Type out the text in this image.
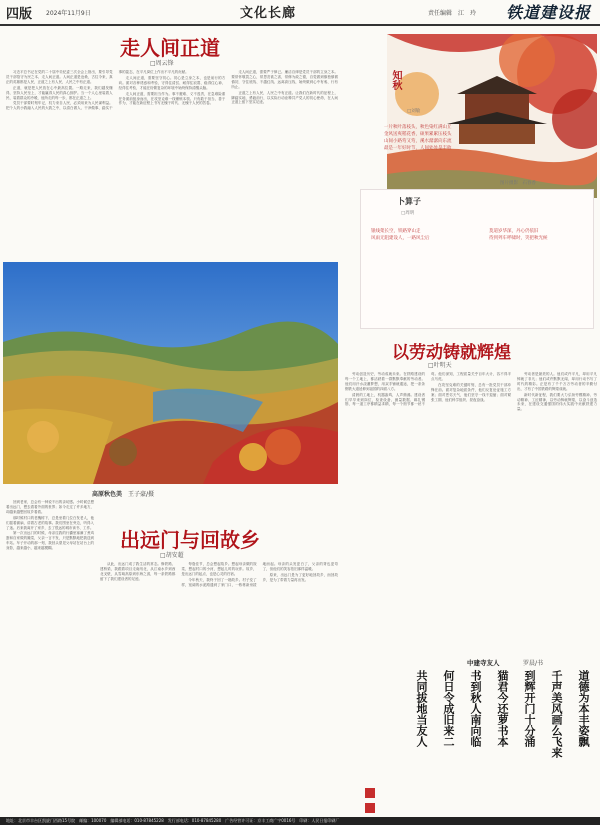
四版 2024年11月9日	文化长廊	责任编辑　江　玲 铁道建设报
走人间正道
□周云锋

习近平总书记在党的二十届中央纪委三次全会上指出，要引导党员干部恪守为民之本、走人间正道。人间正道是沧桑，古往今来，真正的英雄都是人民，正道之上有人民，人民之中有正道。

正道，就是把人民放在心中最高位置。一路走来，我们越发懂得，坚持人民至上，才能赢得人民的真心拥护。当一个人心里装着人民、装着群众的冷暖，他所走的每一步，都在正道之上。

党员干部要时刻牢记，权力来自人民，必须用来为人民谋利益。把个人的小我融入人民的大我之中，以清白做人、干净做事、踏实干事的姿态，在平凡岗位上作出不平凡的贡献。

走人间正道，需要坚守初心。初心是立身之本，也是前行的方向。面对各种诱惑和考验，守得住清贫、耐得住寂寞、稳得住心神、经得住考验，才能在纷繁复杂的环境中始终保持清醒头脑。

走人间正道，需要担当作为。事不避难、义不逃责，在急难险重任务面前挺身而出，在攻坚克难一线锤炼本领。只有敢于担当、善于作为，才能在新征程上书写无愧于时代、无愧于人民的答卷。

走人间正道，需要严于律己。廉洁自律是党员干部的立身之本。要常怀敬畏之心，常思贪欲之害，常修为政之德，自觉做到慎独慎微慎初，守住底线、不越红线、远离高压线，始终做到心中有戒、行有所止。

正道之上有人民，人民之中有正道。让我们在新时代的征程上，脚踏实地、勇毅前行，以实际行动诠释共产党人的初心使命，在人间正道上留下坚实足迹。

高原秋色美　 王子豪/摄

回到老家，总会有一种说不出的亲切感。小时候总想着出远门，想去看看外面的世界；如今走过了许多地方，却越来越想回故乡看看。

那时候村口的老槐树下，总是坐着几位白发老人，他们摇着蒲扇，讲着古老的故事。我们围坐在旁边，听得入了迷。后来我离开了家乡，去了很远的城市读书、工作。

第一次出远门的时候，母亲往我的行囊里塞满了煮鸡蛋和自家做的腌菜，父亲一言不发，只是默默地把我送到车站。车子开动的那一刻，我回头望见父母站在站台上的身影，越来越小，越来越模糊。	出远门与回故乡
□胡安超

从此，出远门成了我生活的常态。修铁路、建桥梁，我跟着项目走南闯北，从江南水乡到西北戈壁，从雪域高原到东海之滨，每一条铁路都留下了我们建设者的足迹。

每逢佳节，总会想起故乡。想起母亲做的饭菜，想起村口的小河，想起儿时的玩伴。故乡，是出远门的起点，也是心灵的归宿。

今年秋天，我终于回了一趟故乡。村子变了样，宽阔的水泥路通到了家门口，一栋栋新房拔地而起。母亲的头发更白了，父亲的背也更弯了，但他们的笑容依旧那样温暖。

原来，出远门是为了更好地回故乡，而回故乡，是为了带着力量再出发。

知秋
□刘敏
一片秋叶落枝头，秋色染红满山丘
金风送爽稻花香，硕果累累压枝头
山间小路弯又弯，溪水潺潺向东流
最是一年好时节，人间处处是丰收
图片摄影　石春香
卜算子
□周明
银线架长空，铁路穿山走
风雨无阻建设人，一路风尘后
莫道岁华深，丹心仍依旧
待到列车呼啸时，笑把秋光候
以劳动铸就辉煌
□叶明天

劳动创造历史，劳动成就未来。在铁路建设的每一个工地上，都活跃着一群默默奉献的劳动者。他们用汗水浇灌梦想，用双手铺就通途，把一条条钢铁大道延伸到祖国的四面八方。

清晨的工地上，机器轰鸣，人声鼎沸。建设者们早早来到岗位，检查设备、测量数据、绑扎钢筋，每一道工序都精益求精，每一个细节都一丝不苟。他们深知，工程质量关乎百年大计，容不得半点马虎。

在攻坚克难的关键时刻，总有一批党员干部冲锋在前。面对复杂地质条件，他们反复论证施工方案；面对恶劣天气，他们坚守一线不退缩；面对紧张工期，他们科学组织、昼夜奋战。

劳动者是最美的人。他们或许平凡，却用平凡铸就了非凡；他们或许默默无闻，却用行动书写了时代的精彩。正是有了千千万万劳动者的辛勤付出，才有了中国铁路的辉煌成就。

新时代新征程，我们要大力弘扬劳模精神、劳动精神、工匠精神，以劳动铸就辉煌，以奋斗创造未来，在建设交通强国的伟大实践中贡献铁建力量。

中建寺友人	罗晨/书
道德为本丰姿飘
千声美风画么飞来
到辉开门十分涌
猫君今还萝书本
书到秋人南向临
何日令成旧来二
共同拔地当友人
地址：北京市丰台区凯旋门西路15号院　邮编：100070　编辑部电话：010-87845228　发行部电话：010-87845280　广告经营许可证：京丰工商广字0016号　印刷：人民日报印刷厂
